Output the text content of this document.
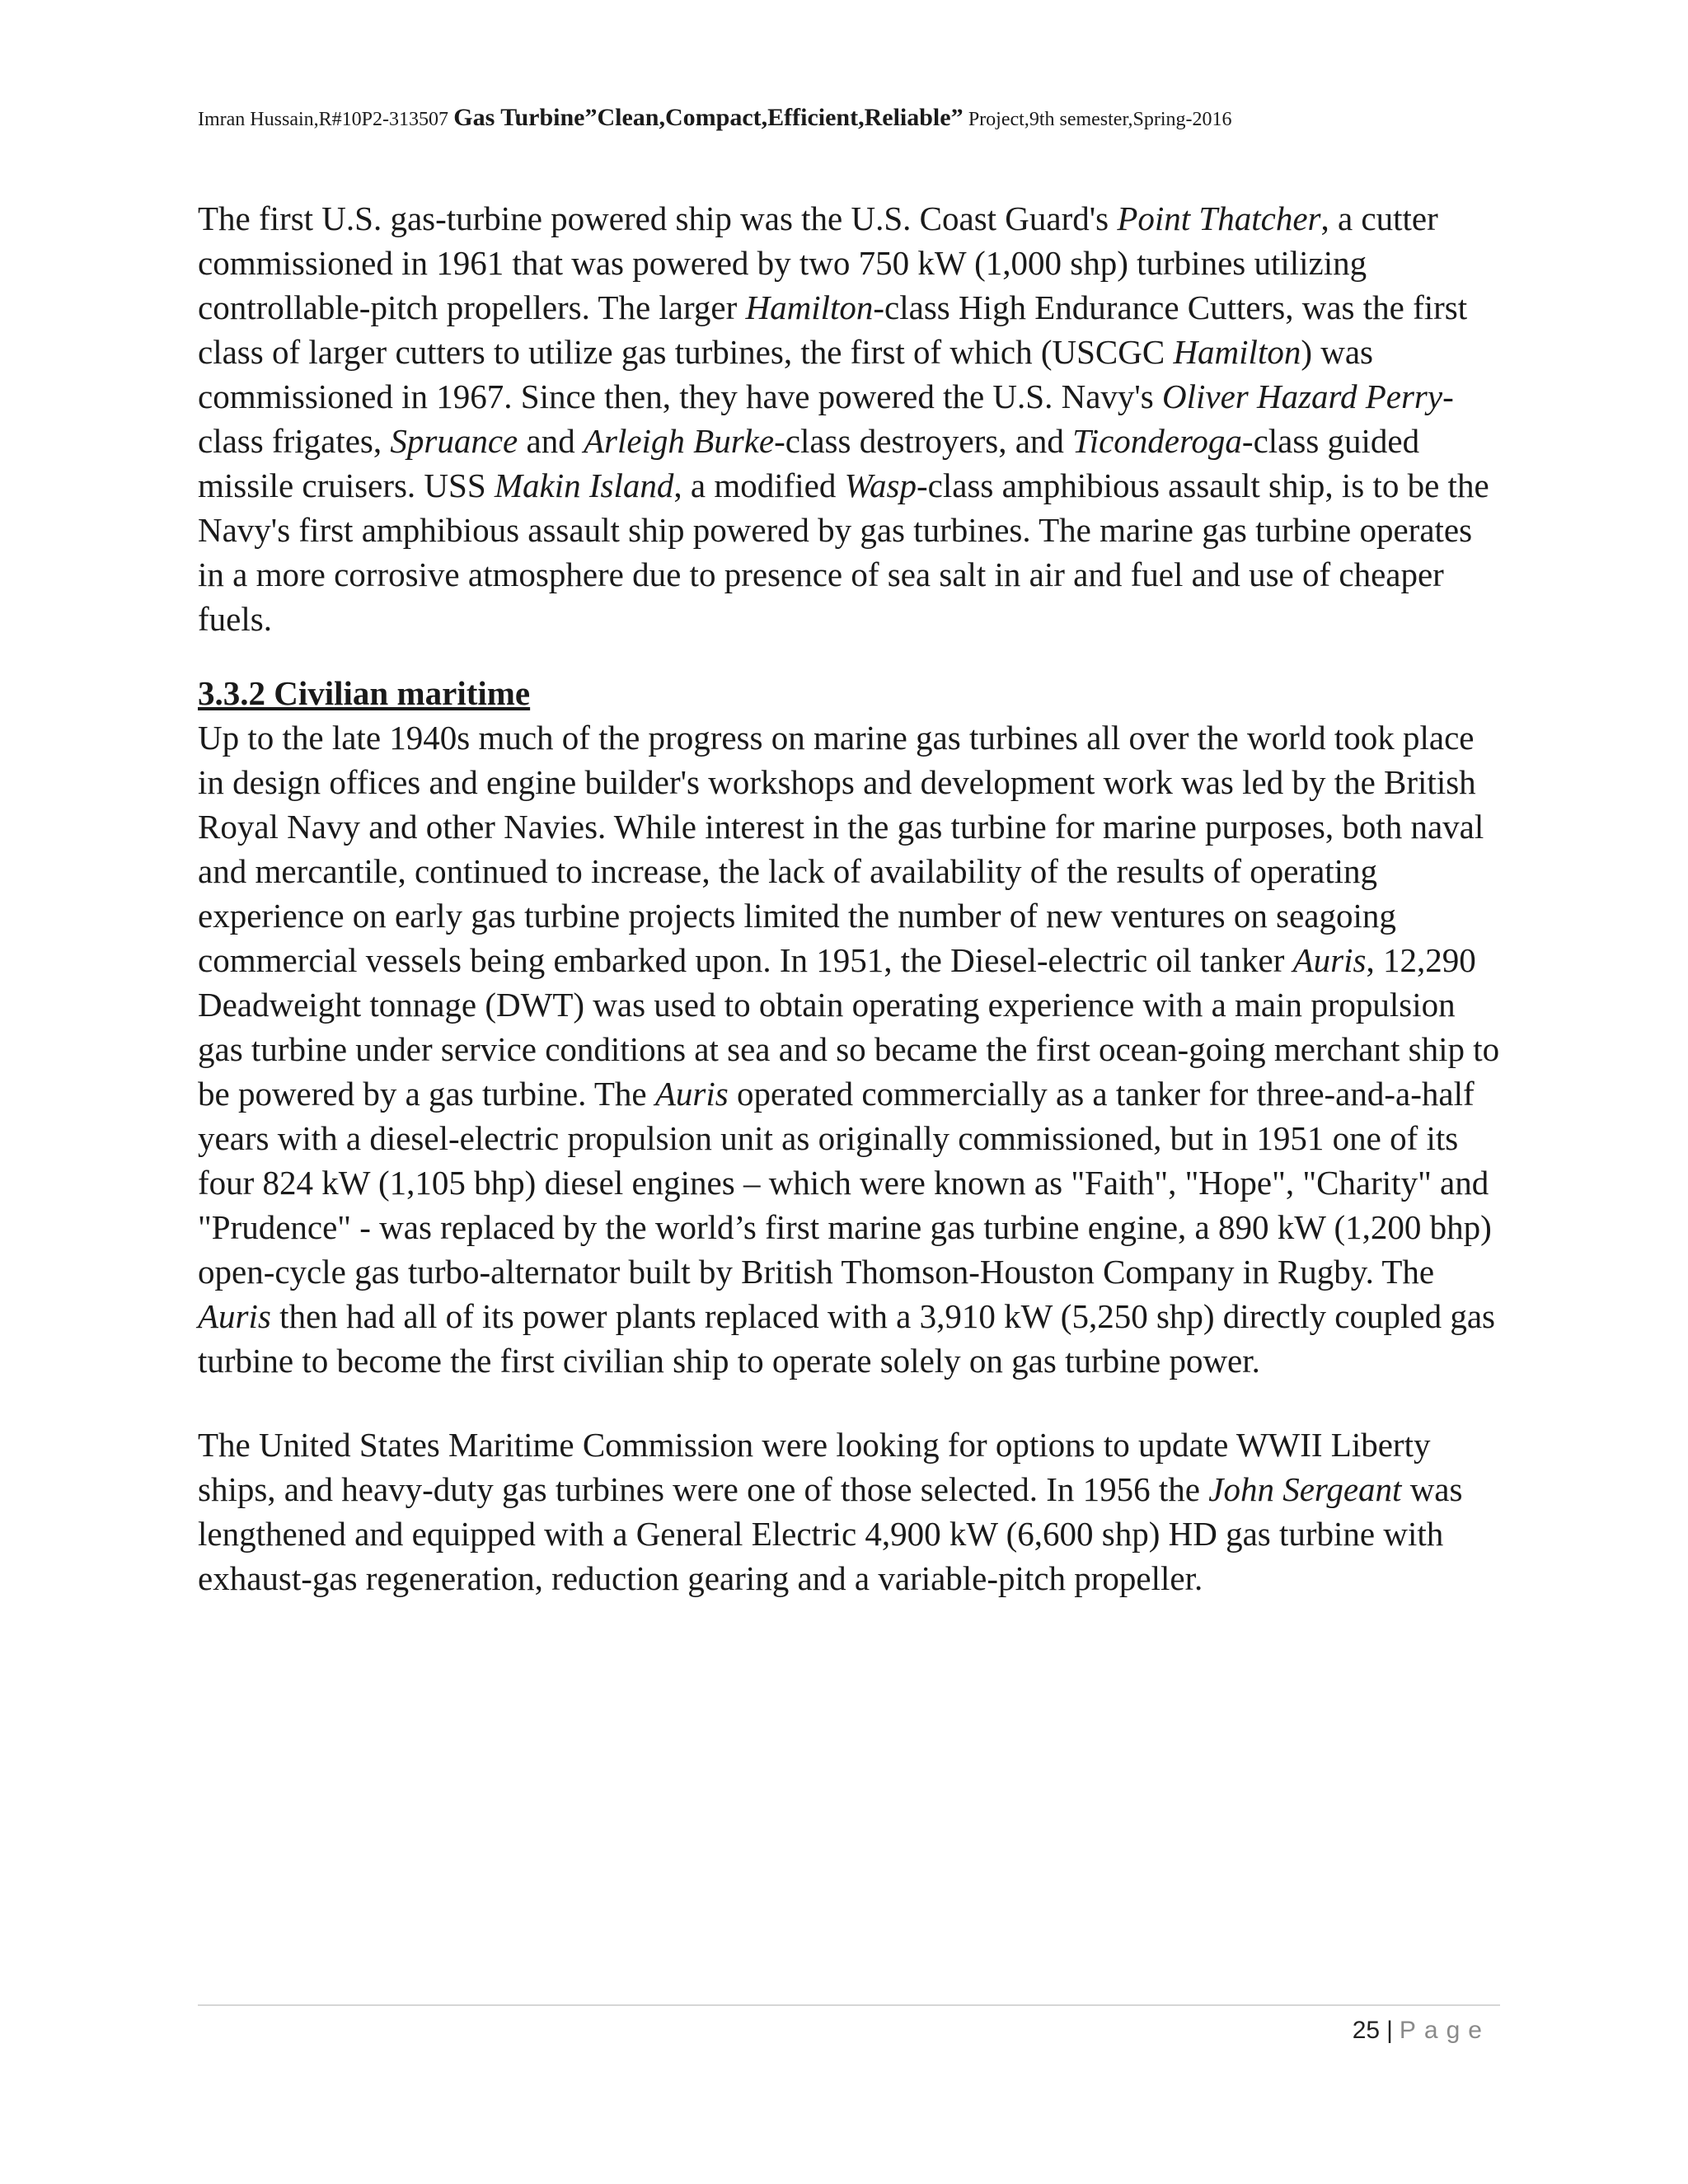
Imran Hussain,R#10P2-313507 Gas Turbine”Clean,Compact,Efficient,Reliable” Project,9th semester,Spring-2016

The first U.S. gas-turbine powered ship was the U.S. Coast Guard's Point Thatcher, a cutter commissioned in 1961 that was powered by two 750 kW (1,000 shp) turbines utilizing controllable-pitch propellers. The larger Hamilton-class High Endurance Cutters, was the first class of larger cutters to utilize gas turbines, the first of which (USCGC Hamilton) was commissioned in 1967. Since then, they have powered the U.S. Navy's Oliver Hazard Perry-class frigates, Spruance and Arleigh Burke-class destroyers, and Ticonderoga-class guided missile cruisers. USS Makin Island, a modified Wasp-class amphibious assault ship, is to be the Navy's first amphibious assault ship powered by gas turbines. The marine gas turbine operates in a more corrosive atmosphere due to presence of sea salt in air and fuel and use of cheaper fuels.

3.3.2 Civilian maritime

Up to the late 1940s much of the progress on marine gas turbines all over the world took place in design offices and engine builder's workshops and development work was led by the British Royal Navy and other Navies. While interest in the gas turbine for marine purposes, both naval and mercantile, continued to increase, the lack of availability of the results of operating experience on early gas turbine projects limited the number of new ventures on seagoing commercial vessels being embarked upon. In 1951, the Diesel-electric oil tanker Auris, 12,290 Deadweight tonnage (DWT) was used to obtain operating experience with a main propulsion gas turbine under service conditions at sea and so became the first ocean-going merchant ship to be powered by a gas turbine. The Auris operated commercially as a tanker for three-and-a-half years with a diesel-electric propulsion unit as originally commissioned, but in 1951 one of its four 824 kW (1,105 bhp) diesel engines – which were known as "Faith", "Hope", "Charity" and "Prudence" - was replaced by the world’s first marine gas turbine engine, a 890 kW (1,200 bhp) open-cycle gas turbo-alternator built by British Thomson-Houston Company in Rugby. The Auris then had all of its power plants replaced with a 3,910 kW (5,250 shp) directly coupled gas turbine to become the first civilian ship to operate solely on gas turbine power.

The United States Maritime Commission were looking for options to update WWII Liberty ships, and heavy-duty gas turbines were one of those selected. In 1956 the John Sergeant was lengthened and equipped with a General Electric 4,900 kW (6,600 shp) HD gas turbine with exhaust-gas regeneration, reduction gearing and a variable-pitch propeller.

25 | Page
